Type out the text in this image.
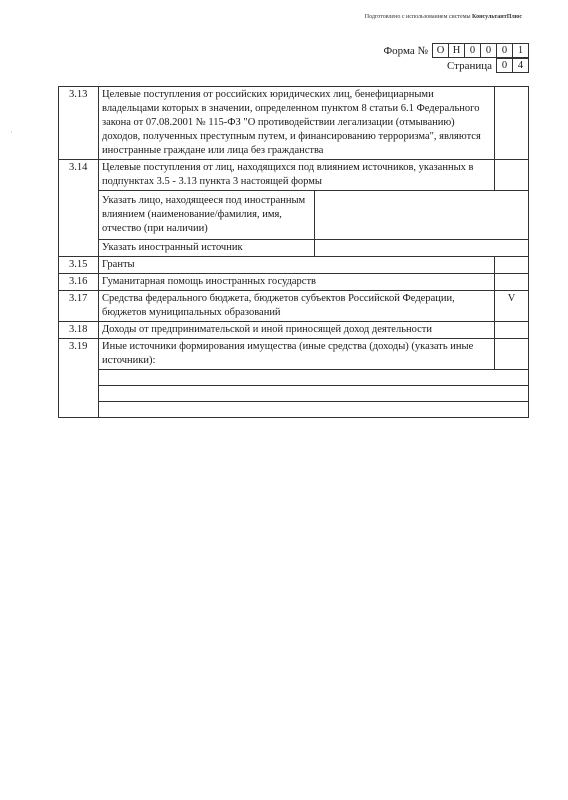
Подготовлено с использованием системы КонсультантПлюс
Форма № О Н 0	0	0	1
Страница 0	4
·
3.13	Целевые поступления от российских юридических лиц, бенефициарными владельцами которых в значении, определенном пунктом 8 статьи 6.1 Федерального закона от 07.08.2001 № 115-ФЗ "О противодействии легализации (отмыванию) доходов, полученных преступным путем, и финансированию терроризма", являются иностранные граждане или лица без гражданства		
3.14	Целевые поступления от лиц, находящихся под влиянием источников, указанных в подпунктах 3.5 - 3.13 пункта 3 настоящей формы		
	Указать лицо, находящееся под иностранным влиянием (наименование/фамилия, имя, отчество (при наличии)		
	Указать иностранный источник		
3.15	Гранты		
3.16	Гуманитарная помощь иностранных государств		
3.17	Средства федерального бюджета, бюджетов субъектов Российской Федерации, бюджетов муниципальных образований		V
3.18	Доходы от предпринимательской и иной приносящей доход деятельности		
3.19	Иные источники формирования имущества (иные средства (доходы) (указать иные источники):		
